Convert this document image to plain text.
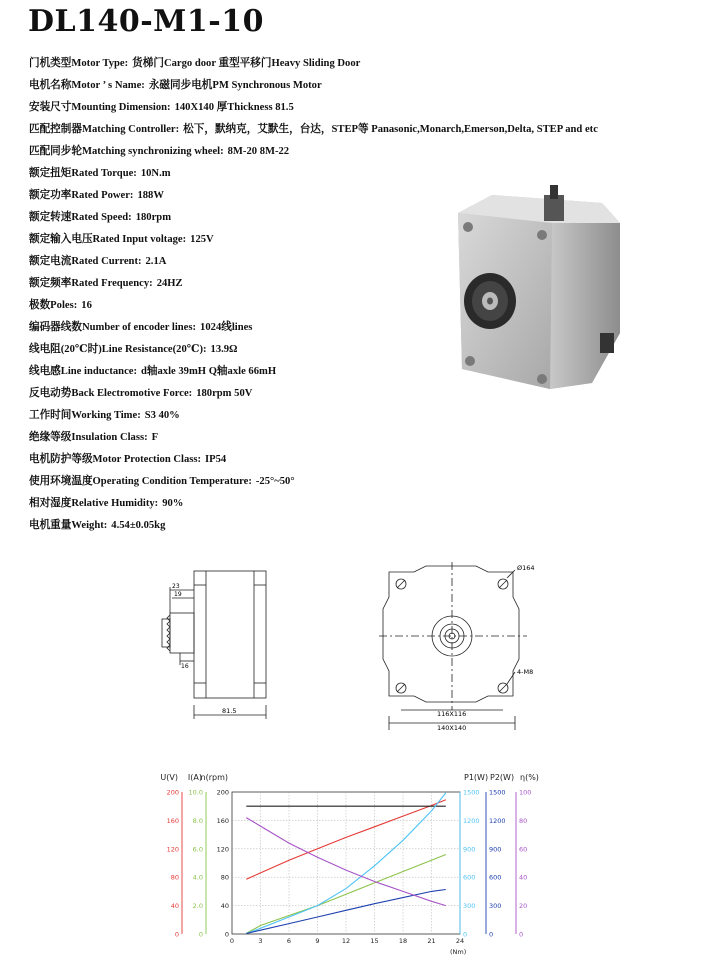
DL140-M1-10
门机类型Motor Type: 货梯门Cargo door 重型平移门Heavy Sliding Door
电机名称Motor ’ s Name: 永磁同步电机PM Synchronous Motor
安装尺寸Mounting Dimension: 140X140 厚Thickness 81.5
匹配控制器Matching Controller: 松下，默纳克，艾默生，台达，STEP等 Panasonic,Monarch,Emerson,Delta, STEP and etc
匹配同步轮Matching synchronizing wheel: 8M-20 8M-22
额定扭矩Rated Torque: 10N.m
额定功率Rated Power: 188W
额定转速Rated Speed: 180rpm
额定输入电压Rated Input voltage: 125V
额定电流Rated Current: 2.1A
额定频率Rated Frequency: 24HZ
极数Poles: 16
编码器线数Number of encoder lines: 1024线lines
线电阻(20℃时)Line Resistance(20℃): 13.9Ω
线电感Line inductance: d轴axle 39mH Q轴axle 66mH
反电动势Back Electromotive Force: 180rpm 50V
工作时间Working Time: S3 40%
绝缘等级Insulation Class: F
电机防护等级Motor Protection Class: IP54
使用环境温度Operating Condition Temperature: -25°~50°
相对湿度Relative Humidity: 90%
电机重量Weight: 4.54±0.05kg
23
19
16
81.5
Ø164
4-M8
116X116
140X140
0	3	6	9	12	15	18	21	24
(Nm)
0
40
80
120
160
200
U(V)
0
2.0
4.0
6.0
8.0
10.0
I(A)
0
40
80
120
160
200
n(rpm)
0
300
600
900
1200
1500
P1(W)
0
300
600
900
1200
1500
P2(W)
0
20
40
60
80
100
η(%)
